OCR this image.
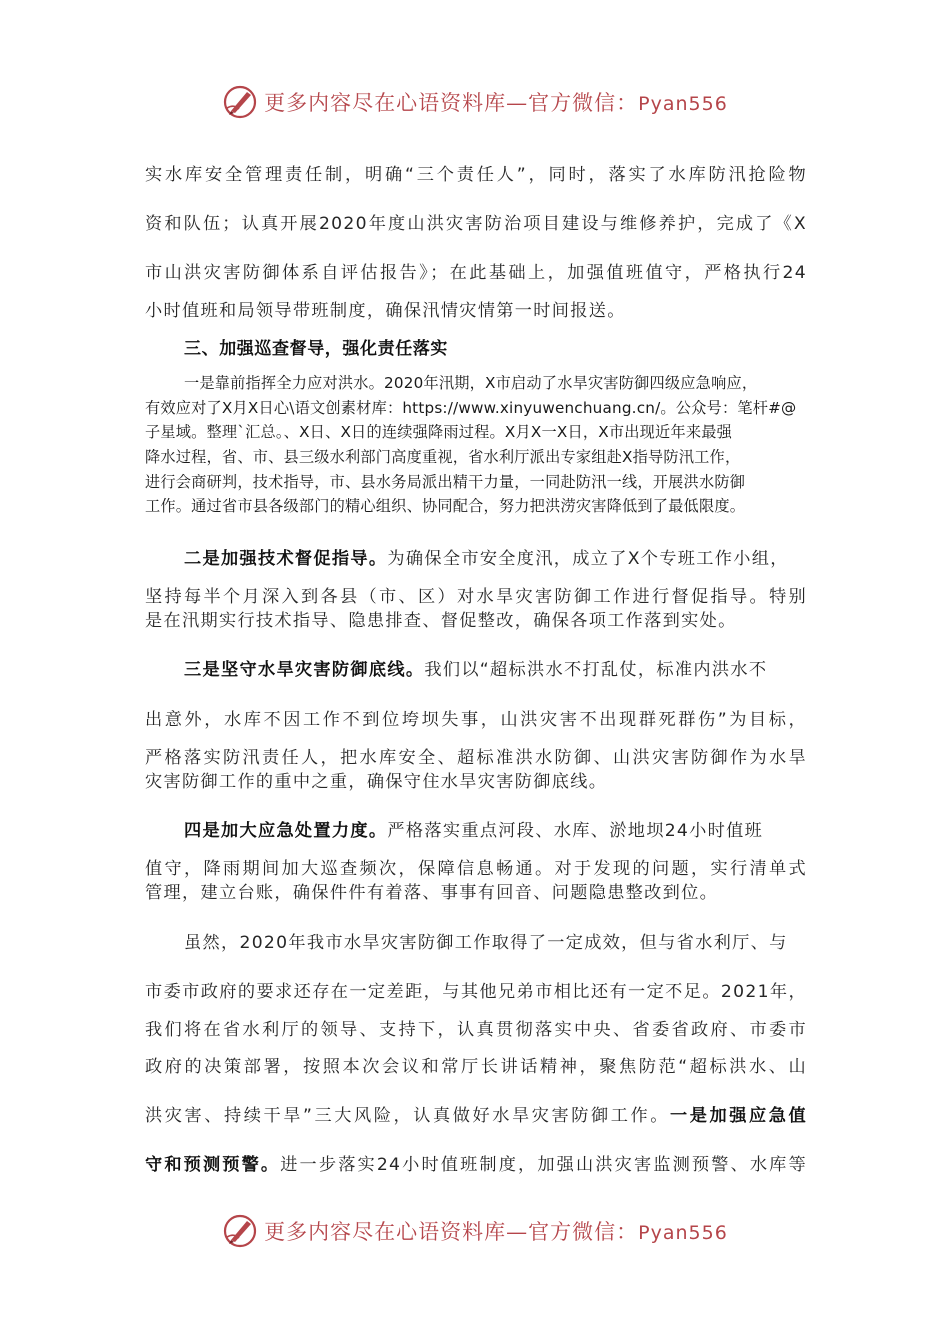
更多内容尽在心语资料库—官方微信：Pyan556
实水库安全管理责任制，明确“三个责任人”，同时，落实了水库防汛抢险物
资和队伍；认真开展2020年度山洪灾害防治项目建设与维修养护，完成了《X
市山洪灾害防御体系自评估报告》；在此基础上，加强值班值守，严格执行24
小时值班和局领导带班制度，确保汛情灾情第一时间报送。
三、加强巡查督导，强化责任落实
一是靠前指挥全力应对洪水。2020年汛期，X市启动了水旱灾害防御四级应急响应，
有效应对了X月X日心\语文创素材库：https://www.xinyuwenchuang.cn/。公众号：笔杆#@
子星域。整理`汇总。、X日、X日的连续强降雨过程。X月X一X日，X市出现近年来最强
降水过程，省、市、县三级水利部门高度重视，省水利厅派出专家组赴X指导防汛工作，
进行会商研判，技术指导，市、县水务局派出精干力量，一同赴防汛一线，开展洪水防御
工作。通过省市县各级部门的精心组织、协同配合，努力把洪涝灾害降低到了最低限度。
二是加强技术督促指导。为确保全市安全度汛，成立了X个专班工作小组，
坚持每半个月深入到各县（市、区）对水旱灾害防御工作进行督促指导。特别
是在汛期实行技术指导、隐患排查、督促整改，确保各项工作落到实处。
三是坚守水旱灾害防御底线。我们以“超标洪水不打乱仗，标准内洪水不
出意外，水库不因工作不到位垮坝失事，山洪灾害不出现群死群伤”为目标，
严格落实防汛责任人，把水库安全、超标准洪水防御、山洪灾害防御作为水旱
灾害防御工作的重中之重，确保守住水旱灾害防御底线。
四是加大应急处置力度。严格落实重点河段、水库、淤地坝24小时值班
值守，降雨期间加大巡查频次，保障信息畅通。对于发现的问题，实行清单式
管理，建立台账，确保件件有着落、事事有回音、问题隐患整改到位。
虽然，2020年我市水旱灾害防御工作取得了一定成效，但与省水利厅、与
市委市政府的要求还存在一定差距，与其他兄弟市相比还有一定不足。2021年，
我们将在省水利厅的领导、支持下，认真贯彻落实中央、省委省政府、市委市
政府的决策部署，按照本次会议和常厅长讲话精神，聚焦防范“超标洪水、山
洪灾害、持续干旱”三大风险，认真做好水旱灾害防御工作。一是加强应急值
守和预测预警。进一步落实24小时值班制度，加强山洪灾害监测预警、水库等
更多内容尽在心语资料库—官方微信：Pyan556
